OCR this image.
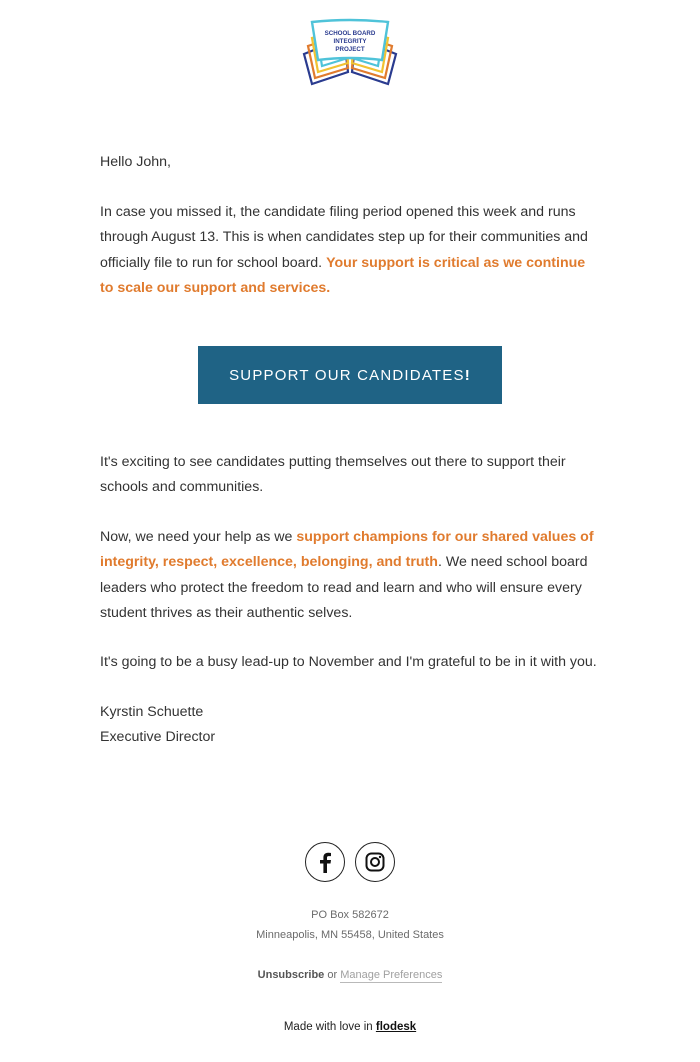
SCHOOL BOARD
INTEGRITY
PROJECT

Hello John,

In case you missed it, the candidate filing period opened this week and runs through August 13. This is when candidates step up for their communities and officially file to run for school board. Your support is critical as we continue to scale our support and services.

It's exciting to see candidates putting themselves out there to support their schools and communities.

Now, we need your help as we support champions for our shared values of integrity, respect, excellence, belonging, and truth. We need school board leaders who protect the freedom to read and learn and who will ensure every student thrives as their authentic selves.

It's going to be a busy lead-up to November and I'm grateful to be in it with you.

Kyrstin Schuette
Executive Director

SUPPORT OUR CANDIDATES !
PO Box 582672
Minneapolis, MN 55458, United States
Unsubscribe or Manage Preferences
Made with love in flodesk
